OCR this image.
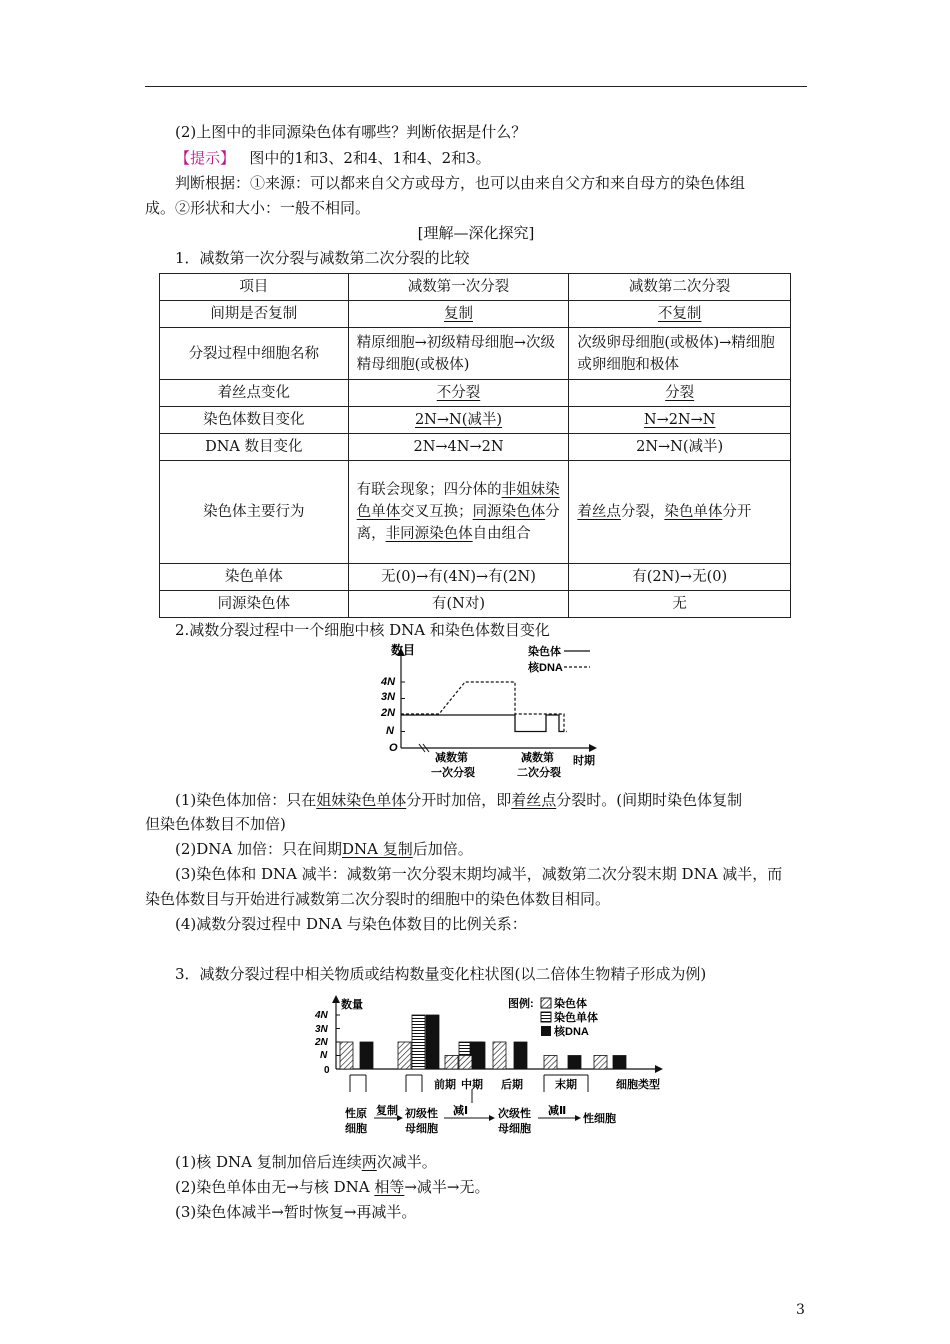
(2)上图中的非同源染色体有哪些？判断依据是什么？

【提示】 图中的1和3、2和4、1和4、2和3。

判断根据：①来源：可以都来自父方或母方，也可以由来自父方和来自母方的染色体组

成。②形状和大小：一般不相同。

[理解—深化探究]

1．减数第一次分裂与减数第二次分裂的比较

项目	减数第一次分裂	减数第二次分裂
间期是否复制	复制	不复制
分裂过程中细胞名称	精原细胞→初级精母细胞→次级精母细胞(或极体)	次级卵母细胞(或极体)→精细胞或卵细胞和极体
着丝点变化	不分裂	分裂
染色体数目变化	2N→N(减半)	N→2N→N
DNA 数目变化	2N→4N→2N	2N→N(减半)
染色体主要行为	有联会现象；四分体的非姐妹染色单体交叉互换；同源染色体分离，非同源染色体自由组合	着丝点分裂，染色单体分开
染色单体	无(0)→有(4N)→有(2N)	有(2N)→无(0)
同源染色体	有(N对)	无

2.减数分裂过程中一个细胞中核 DNA 和染色体数目变化

数目
4N
3N
2N
N
O
染色体
核DNA
减数第
一次分裂
减数第
二次分裂
时期

(1)染色体加倍：只在姐妹染色单体分开时加倍，即着丝点分裂时。(间期时染色体复制

但染色体数目不加倍)

(2)DNA 加倍：只在间期DNA 复制后加倍。

(3)染色体和 DNA 减半：减数第一次分裂末期均减半，减数第二次分裂末期 DNA 减半，而

染色体数目与开始进行减数第二次分裂时的细胞中的染色体数目相同。

(4)减数分裂过程中 DNA 与染色体数目的比例关系：

3．减数分裂过程中相关物质或结构数量变化柱状图(以二倍体生物精子形成为例)

数量
4N
3N
2N
N
0
图例: 染色体
染色单体
核DNA
细胞类型
前期 中期 后期	末期
性原
细胞
复制 初级性
母细胞
减Ⅰ	次级性
母细胞
减Ⅱ
性细胞

(1)核 DNA 复制加倍后连续两次减半。

(2)染色单体由无→与核 DNA 相等→减半→无。

(3)染色体减半→暂时恢复→再减半。

3
